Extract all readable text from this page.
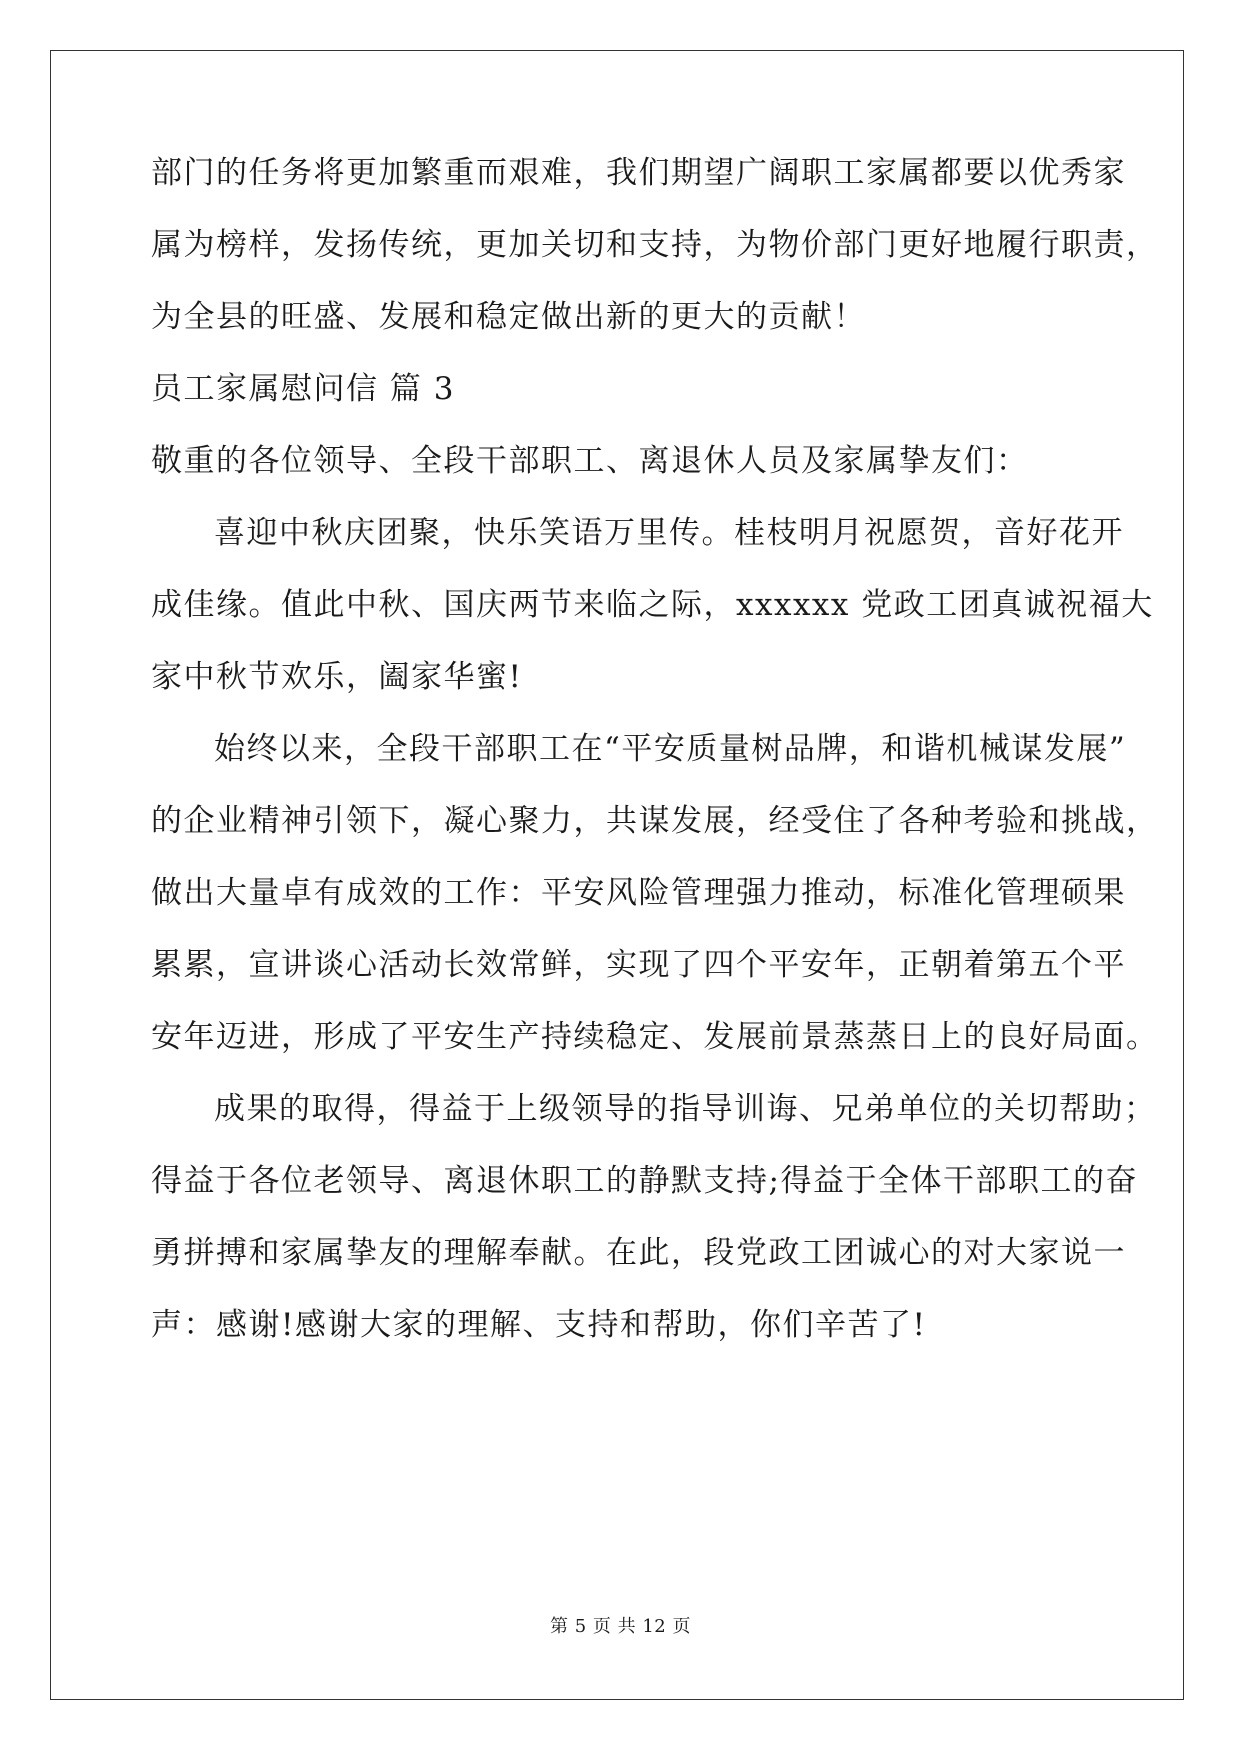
部门的任务将更加繁重而艰难，我们期望广阔职工家属都要以优秀家
属为榜样，发扬传统，更加关切和支持，为物价部门更好地履行职责，
为全县的旺盛、发展和稳定做出新的更大的贡献！
员工家属慰问信 篇 3
敬重的各位领导、全段干部职工、离退休人员及家属挚友们：
喜迎中秋庆团聚，快乐笑语万里传。桂枝明月祝愿贺，音好花开
成佳缘。值此中秋、国庆两节来临之际，xxxxxx 党政工团真诚祝福大
家中秋节欢乐，阖家华蜜!
始终以来，全段干部职工在“平安质量树品牌，和谐机械谋发展”
的企业精神引领下，凝心聚力，共谋发展，经受住了各种考验和挑战，
做出大量卓有成效的工作：平安风险管理强力推动，标准化管理硕果
累累，宣讲谈心活动长效常鲜，实现了四个平安年，正朝着第五个平
安年迈进，形成了平安生产持续稳定、发展前景蒸蒸日上的良好局面。
成果的取得，得益于上级领导的指导训诲、兄弟单位的关切帮助；
得益于各位老领导、离退休职工的静默支持;得益于全体干部职工的奋
勇拼搏和家属挚友的理解奉献。在此，段党政工团诚心的对大家说一
声：感谢!感谢大家的理解、支持和帮助，你们辛苦了!
第 5 页 共 12 页
